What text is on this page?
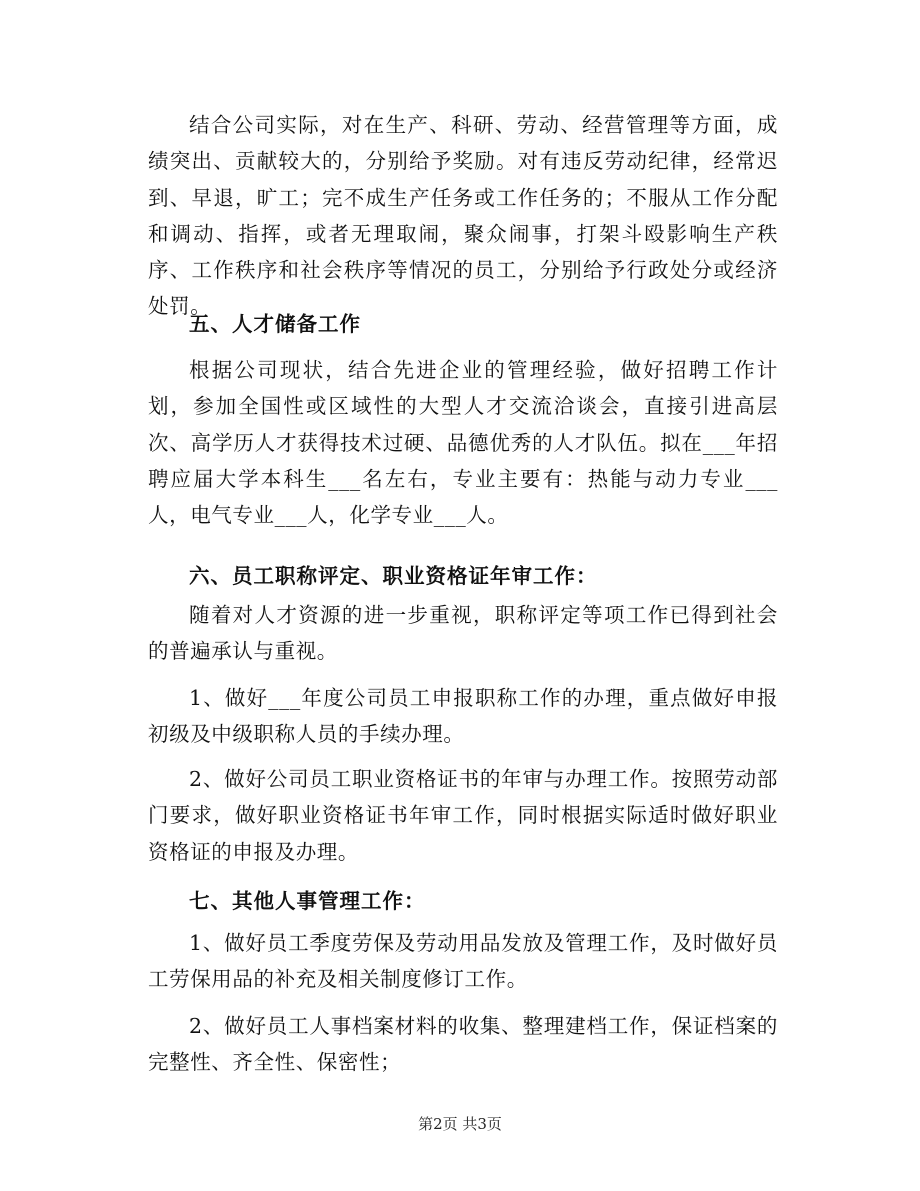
结合公司实际，对在生产、科研、劳动、经营管理等方面，成绩突出、贡献较大的，分别给予奖励。对有违反劳动纪律，经常迟到、早退，旷工；完不成生产任务或工作任务的；不服从工作分配和调动、指挥，或者无理取闹，聚众闹事，打架斗殴影响生产秩序、工作秩序和社会秩序等情况的员工，分别给予行政处分或经济处罚。

五、人才储备工作

根据公司现状，结合先进企业的管理经验，做好招聘工作计划，参加全国性或区域性的大型人才交流洽谈会，直接引进高层次、高学历人才获得技术过硬、品德优秀的人才队伍。拟在___年招聘应届大学本科生___名左右，专业主要有：热能与动力专业___人，电气专业___人，化学专业___人。

六、员工职称评定、职业资格证年审工作：

随着对人才资源的进一步重视，职称评定等项工作已得到社会的普遍承认与重视。

1、做好___年度公司员工申报职称工作的办理，重点做好申报初级及中级职称人员的手续办理。

2、做好公司员工职业资格证书的年审与办理工作。按照劳动部门要求，做好职业资格证书年审工作，同时根据实际适时做好职业资格证的申报及办理。

七、其他人事管理工作：

1、做好员工季度劳保及劳动用品发放及管理工作，及时做好员工劳保用品的补充及相关制度修订工作。

2、做好员工人事档案材料的收集、整理建档工作，保证档案的完整性、齐全性、保密性；

第2页 共3页
